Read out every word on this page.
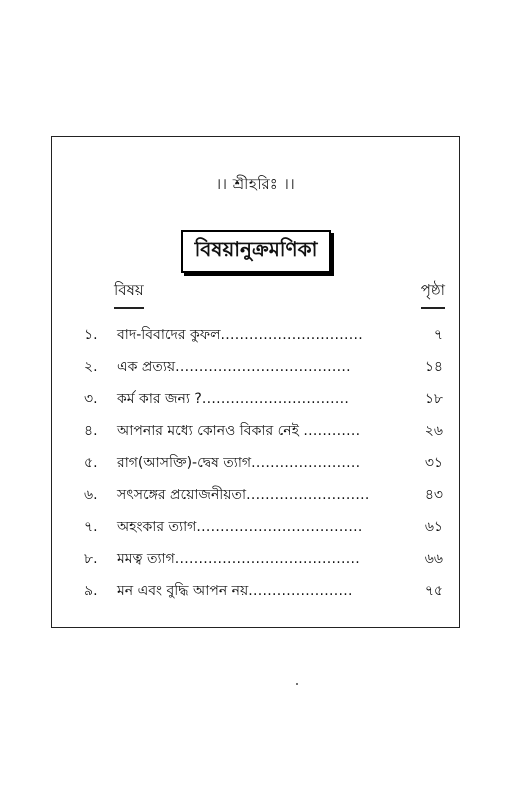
।। শ্রীহরিঃ ।।
বিষয়ানুক্রমণিকা
বিষয়	পৃষ্ঠা
১. বাদ-বিবাদের কুফল..............................	৭
২. এক প্রত্যয়.....................................	১৪
৩. কর্ম কার জন্য ?...............................	১৮
৪. আপনার মধ্যে কোনও বিকার নেই ............	২৬
৫. রাগ(আসক্তি)-দ্বেষ ত্যাগ.......................	৩১
৬. সৎসঙ্গের প্রয়োজনীয়তা..........................	৪৩
৭. অহংকার ত্যাগ...................................	৬১
৮. মমত্ব ত্যাগ.......................................	৬৬
৯. মন এবং বুদ্ধি আপন নয়......................	৭৫
